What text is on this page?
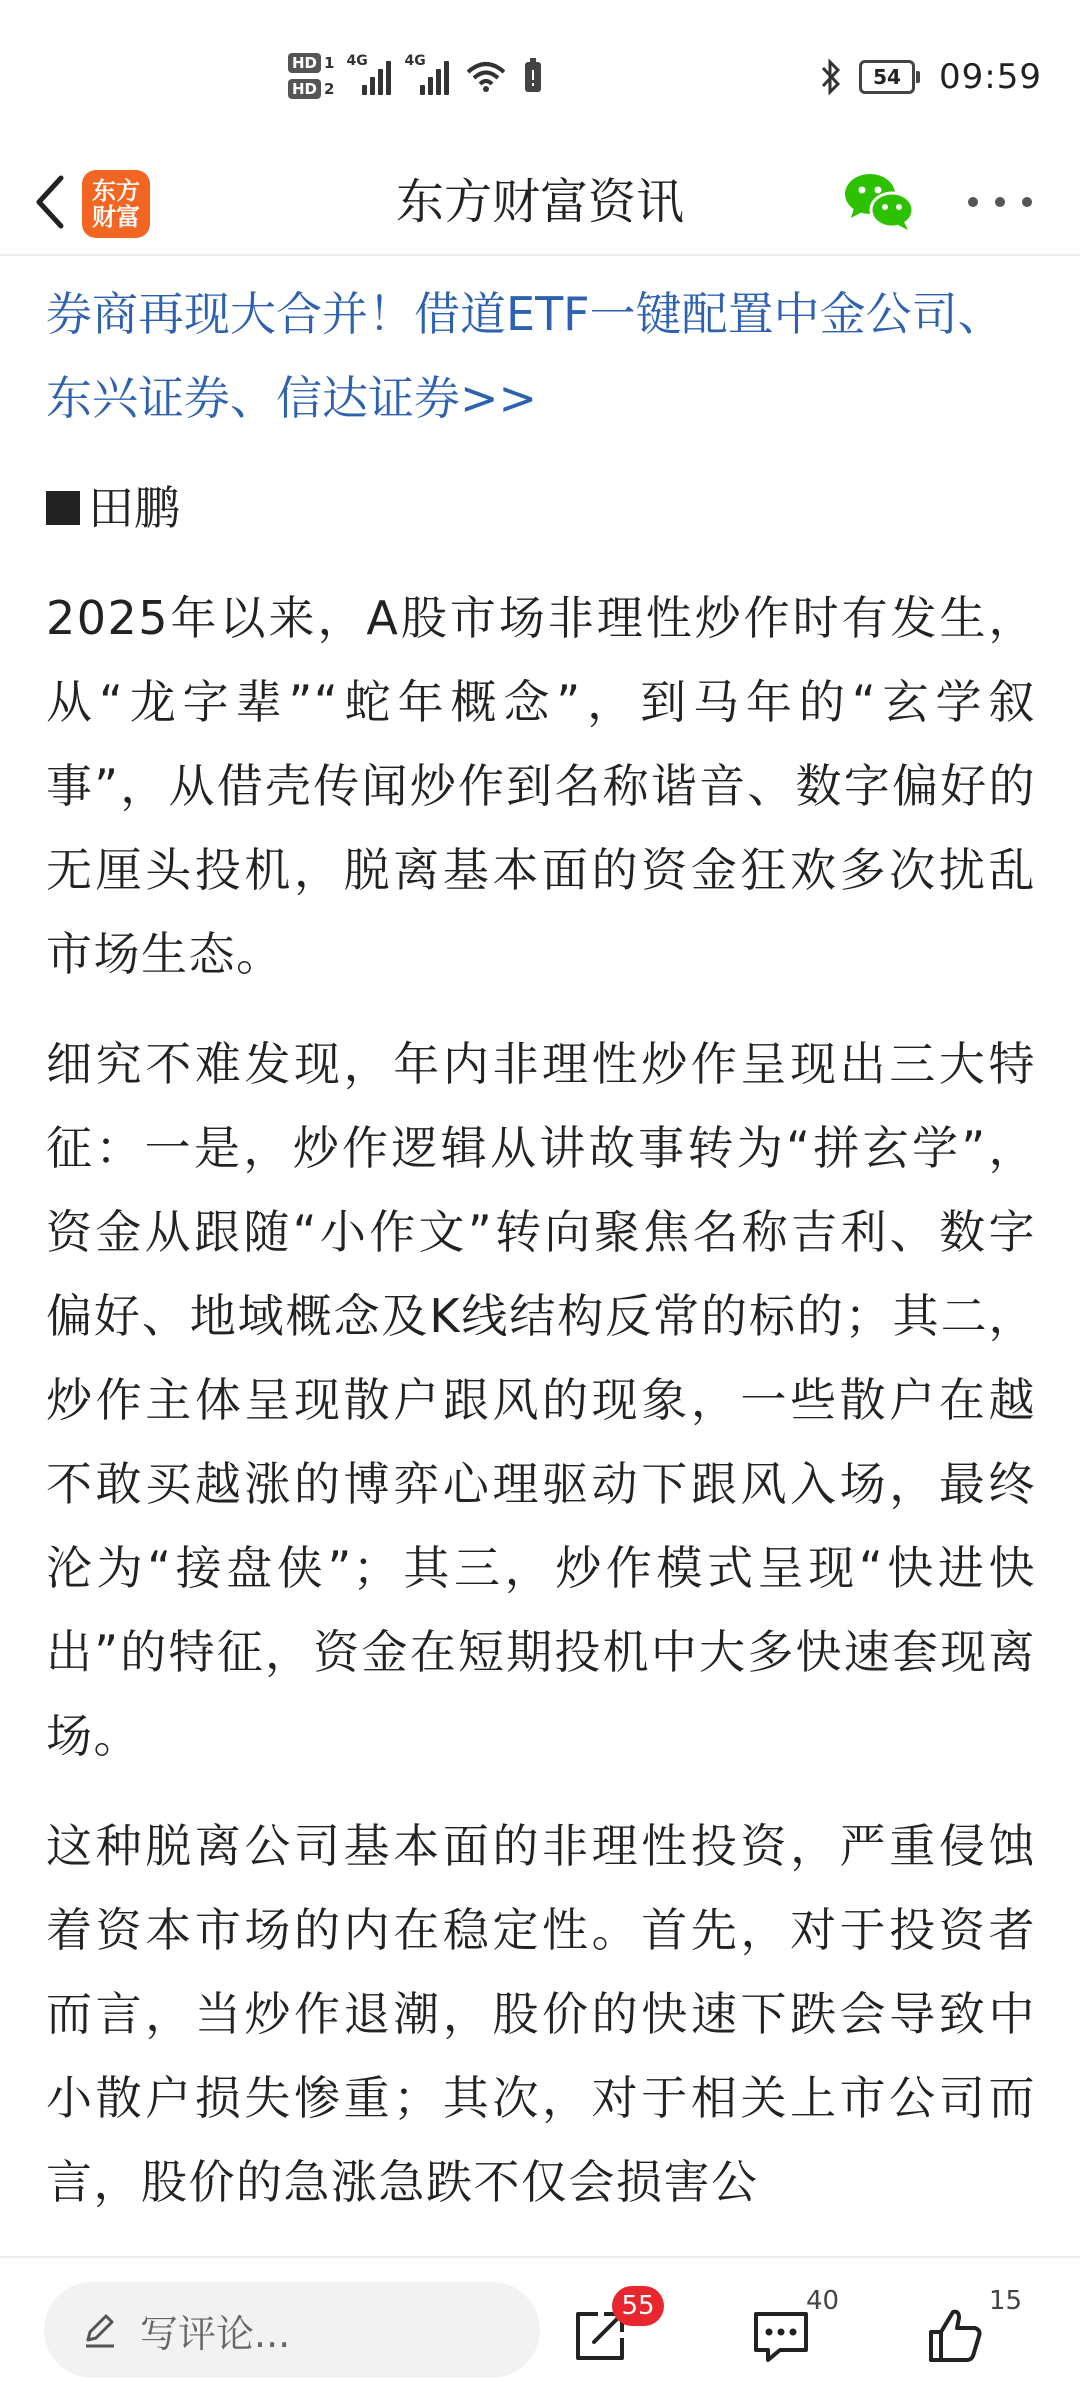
HD 1
HD 2
4G	4G
54	09:59
东方财富资讯
东方
财富
券商再现大合并！借道ETF一键配置中金公司、东兴证券、信达证券>>
田鹏
2025年以来，A股市场非理性炒作时有发生，从“龙字辈”“蛇年概念”，到马年的“玄学叙事”，从借壳传闻炒作到名称谐音、数字偏好的无厘头投机，脱离基本面的资金狂欢多次扰乱市场生态。
细究不难发现，年内非理性炒作呈现出三大特征：一是，炒作逻辑从讲故事转为“拼玄学”，资金从跟随“小作文”转向聚焦名称吉利、数字偏好、地域概念及K线结构反常的标的；其二，炒作主体呈现散户跟风的现象，一些散户在越不敢买越涨的博弈心理驱动下跟风入场，最终沦为“接盘侠”；其三，炒作模式呈现“快进快出”的特征，资金在短期投机中大多快速套现离场。
这种脱离公司基本面的非理性投资，严重侵蚀着资本市场的内在稳定性。首先，对于投资者而言，当炒作退潮，股价的快速下跌会导致中小散户损失惨重；其次，对于相关上市公司而言，股价的急涨急跌不仅会损害公
写评论...
55	40	15
